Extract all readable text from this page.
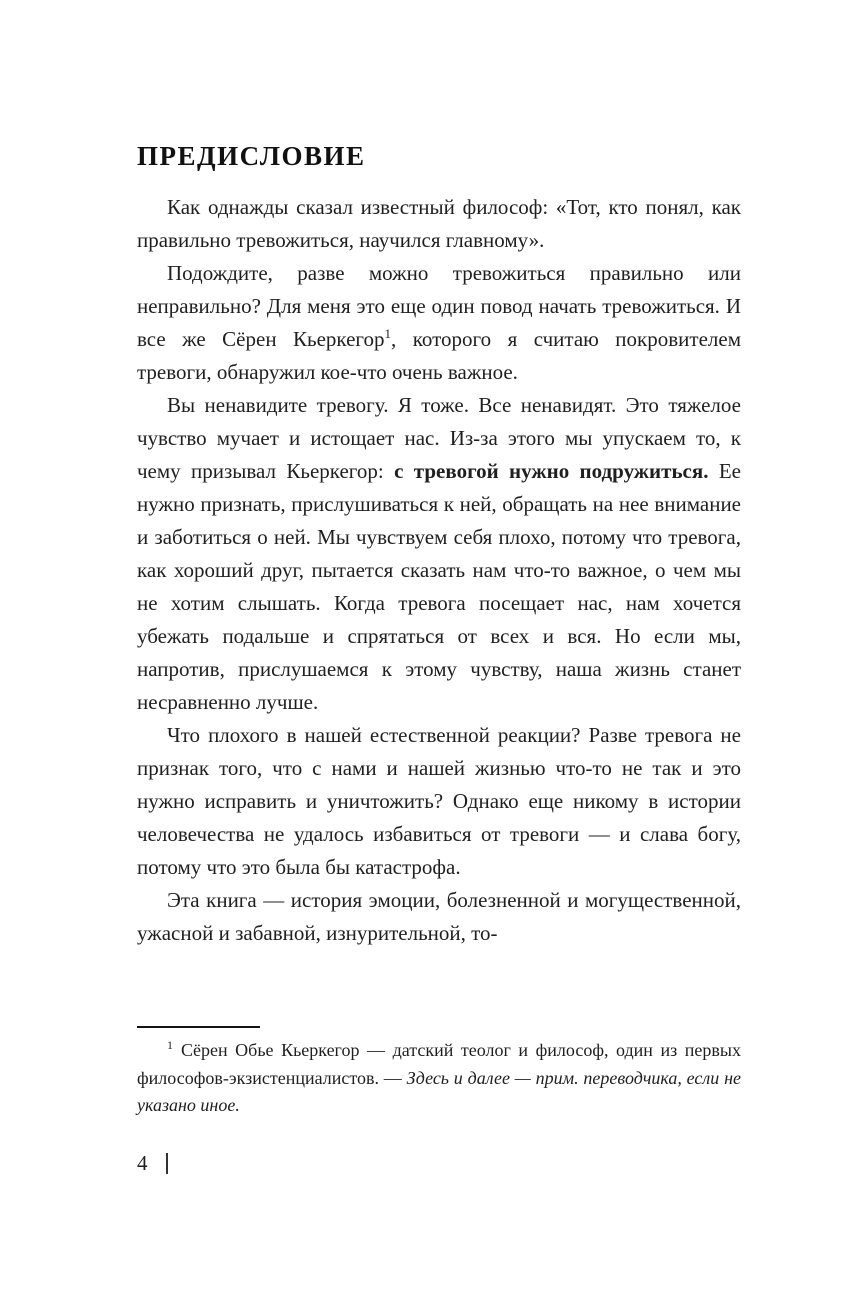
ПРЕДИСЛОВИЕ

Как однажды сказал известный философ: «Тот, кто понял, как правильно тревожиться, научился главному».

Подождите, разве можно тревожиться правильно или неправильно? Для меня это еще один повод начать тревожиться. И все же Сёрен Кьеркегор$^1$, которого я считаю покровителем тревоги, обнаружил кое-что очень важное.

Вы ненавидите тревогу. Я тоже. Все ненавидят. Это тяжелое чувство мучает и истощает нас. Из-за этого мы упускаем то, к чему призывал Кьеркегор: с тревогой нужно подружиться. Ее нужно признать, прислушиваться к ней, обращать на нее внимание и заботиться о ней. Мы чувствуем себя плохо, потому что тревога, как хороший друг, пытается сказать нам что-то важное, о чем мы не хотим слышать. Когда тревога посещает нас, нам хочется убежать подальше и спрятаться от всех и вся. Но если мы, напротив, прислушаемся к этому чувству, наша жизнь станет несравненно лучше.

Что плохого в нашей естественной реакции? Разве тревога не признак того, что с нами и нашей жизнью что-то не так и это нужно исправить и уничтожить? Однако еще никому в истории человечества не удалось избавиться от тревоги — и слава богу, потому что это была бы катастрофа.

Эта книга — история эмоции, болезненной и могущественной, ужасной и забавной, изнурительной, то-

$^1$ Сёрен Обье Кьеркегор — датский теолог и философ, один из первых философов-экзистенциалистов. — Здесь и далее — прим. переводчика, если не указано иное.

4
